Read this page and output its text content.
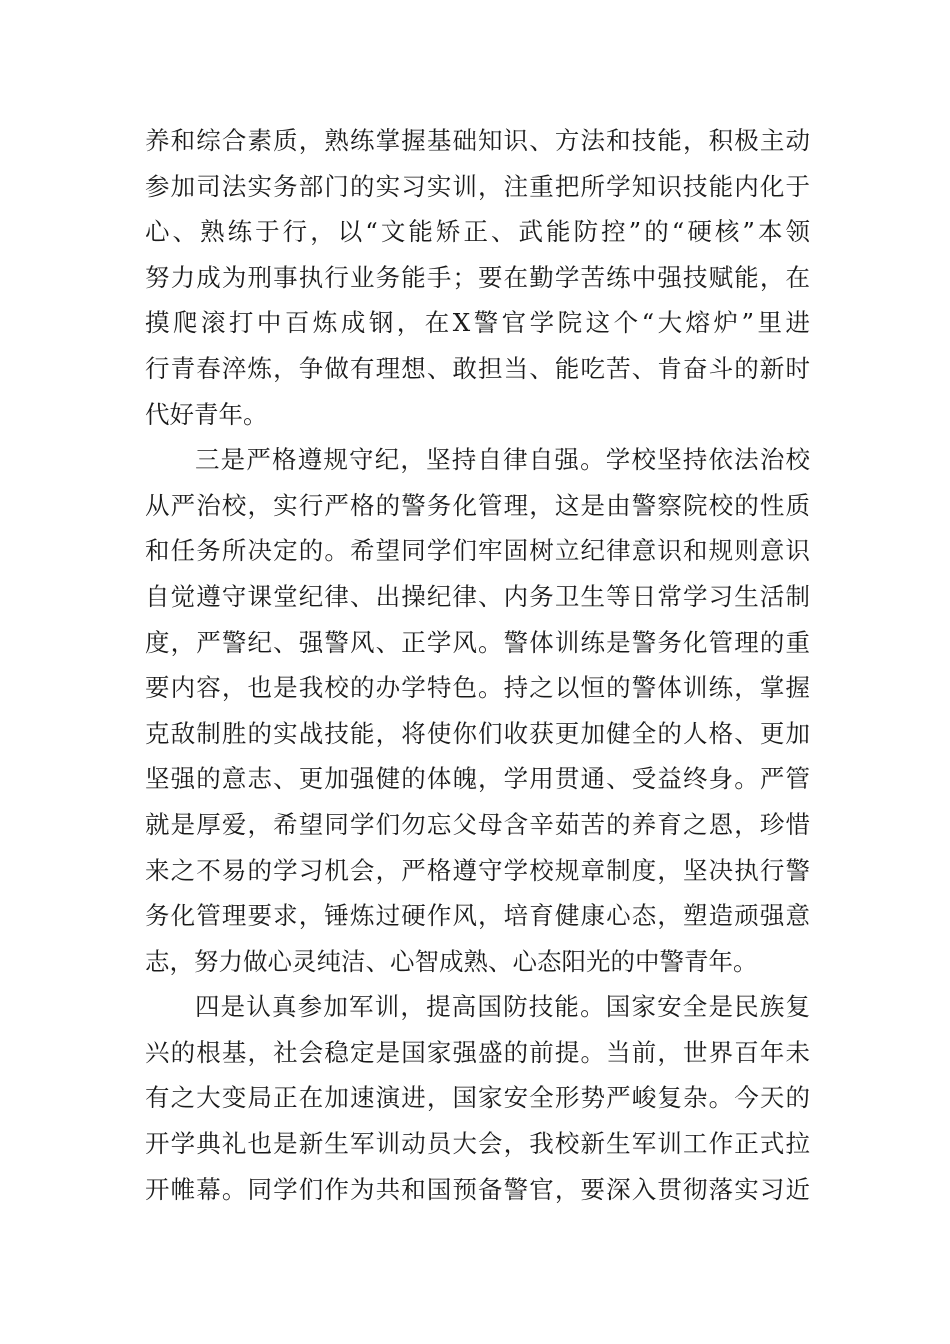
养和综合素质，熟练掌握基础知识、方法和技能，积极主动
参加司法实务部门的实习实训，注重把所学知识技能内化于
心、熟练于行，以“文能矫正、武能防控”的“硬核”本领
努力成为刑事执行业务能手；要在勤学苦练中强技赋能，在
摸爬滚打中百炼成钢，在X警官学院这个“大熔炉”里进
行青春淬炼，争做有理想、敢担当、能吃苦、肯奋斗的新时
代好青年。
三是严格遵规守纪，坚持自律自强。学校坚持依法治校
从严治校，实行严格的警务化管理，这是由警察院校的性质
和任务所决定的。希望同学们牢固树立纪律意识和规则意识
自觉遵守课堂纪律、出操纪律、内务卫生等日常学习生活制
度，严警纪、强警风、正学风。警体训练是警务化管理的重
要内容，也是我校的办学特色。持之以恒的警体训练，掌握
克敌制胜的实战技能，将使你们收获更加健全的人格、更加
坚强的意志、更加强健的体魄，学用贯通、受益终身。严管
就是厚爱，希望同学们勿忘父母含辛茹苦的养育之恩，珍惜
来之不易的学习机会，严格遵守学校规章制度，坚决执行警
务化管理要求，锤炼过硬作风，培育健康心态，塑造顽强意
志，努力做心灵纯洁、心智成熟、心态阳光的中警青年。
四是认真参加军训，提高国防技能。国家安全是民族复
兴的根基，社会稳定是国家强盛的前提。当前，世界百年未
有之大变局正在加速演进，国家安全形势严峻复杂。今天的
开学典礼也是新生军训动员大会，我校新生军训工作正式拉
开帷幕。同学们作为共和国预备警官，要深入贯彻落实习近
